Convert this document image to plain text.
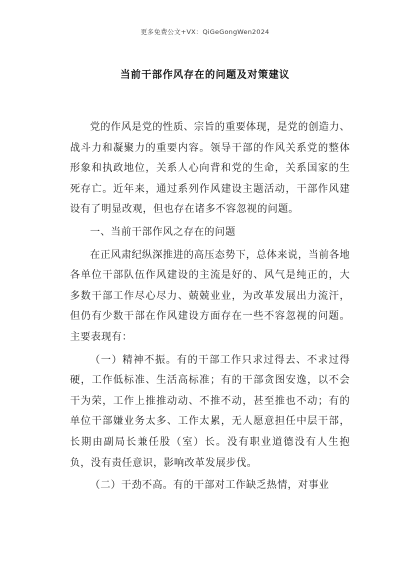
更多免费公文+VX：QiGeGongWen2024
当前干部作风存在的问题及对策建议

党的作风是党的性质、宗旨的重要体现，是党的创造力、战斗力和凝聚力的重要内容。领导干部的作风关系党的整体形象和执政地位，关系人心向背和党的生命，关系国家的生死存亡。近年来，通过系列作风建设主题活动，干部作风建设有了明显改观，但也存在诸多不容忽视的问题。

一、当前干部作风之存在的问题

在正风肃纪纵深推进的高压态势下，总体来说，当前各地各单位干部队伍作风建设的主流是好的、风气是纯正的，大多数干部工作尽心尽力、兢兢业业，为改革发展出力流汗，但仍有少数干部在作风建设方面存在一些不容忽视的问题。主要表现有：

（一）精神不振。有的干部工作只求过得去、不求过得硬，工作低标准、生活高标准；有的干部贪图安逸，以不会干为荣，工作上推推动动、不推不动，甚至推也不动；有的单位干部嫌业务太多、工作太累，无人愿意担任中层干部，长期由副局长兼任股（室）长。没有职业道德没有人生抱负，没有责任意识，影响改革发展步伐。

（二）干劲不高。有的干部对工作缺乏热情，对事业
